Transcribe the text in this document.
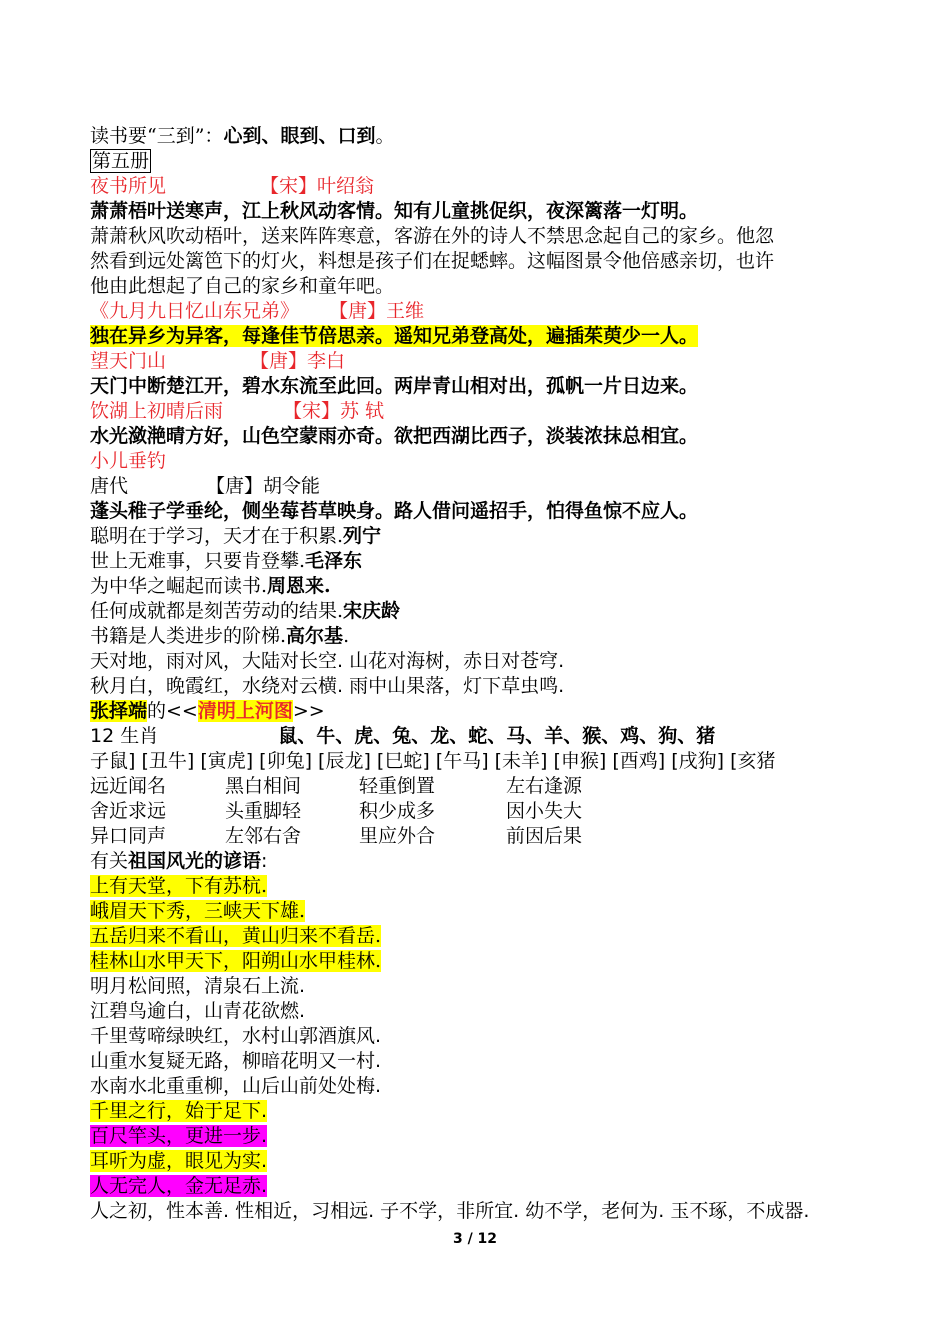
读书要“三到”：心到、眼到、口到。
第五册
夜书所见	【宋】叶绍翁
萧萧梧叶送寒声，江上秋风动客情。知有儿童挑促织，夜深篱落一灯明。
萧萧秋风吹动梧叶，送来阵阵寒意，客游在外的诗人不禁思念起自己的家乡。他忽
然看到远处篱笆下的灯火，料想是孩子们在捉蟋蟀。这幅图景令他倍感亲切，也许
他由此想起了自己的家乡和童年吧。
《九月九日忆山东兄弟》 【唐】王维
独在异乡为异客，每逢佳节倍思亲。遥知兄弟登高处，遍插茱萸少一人。
望天门山	【唐】李白
天门中断楚江开，碧水东流至此回。两岸青山相对出，孤帆一片日边来。
饮湖上初晴后雨	【宋】苏 轼
水光潋滟晴方好，山色空蒙雨亦奇。欲把西湖比西子，淡装浓抹总相宜。
小儿垂钓
唐代	【唐】胡令能
蓬头稚子学垂纶，侧坐莓苔草映身。路人借问遥招手，怕得鱼惊不应人。
聪明在于学习，天才在于积累.列宁
世上无难事，只要肯登攀.毛泽东
为中华之崛起而读书.周恩来.
任何成就都是刻苦劳动的结果.宋庆龄
书籍是人类进步的阶梯.高尔基.
天对地，雨对风，大陆对长空. 山花对海树，赤日对苍穹.
秋月白，晚霞红，水绕对云横. 雨中山果落，灯下草虫鸣.
张择端的<<清明上河图>>
12 生肖	鼠、牛、虎、兔、龙、蛇、马、羊、猴、鸡、狗、猪
子鼠] [丑牛] [寅虎] [卯兔] [辰龙] [巳蛇] [午马] [未羊] [申猴] [酉鸡] [戌狗] [亥猪
远近闻名	黑白相间	轻重倒置	左右逢源
舍近求远	头重脚轻	积少成多	因小失大
异口同声	左邻右舍	里应外合	前因后果
有关祖国风光的谚语:
上有天堂，下有苏杭.
峨眉天下秀，三峡天下雄.
五岳归来不看山，黄山归来不看岳.
桂林山水甲天下，阳朔山水甲桂林.
明月松间照，清泉石上流.
江碧鸟逾白，山青花欲燃.
千里莺啼绿映红，水村山郭酒旗风.
山重水复疑无路，柳暗花明又一村.
水南水北重重柳，山后山前处处梅.
千里之行，始于足下.
百尺竿头，更进一步.
耳听为虚，眼见为实.
人无完人，金无足赤.
人之初，性本善. 性相近，习相远. 子不学，非所宜. 幼不学，老何为. 玉不琢，不成器.
3 / 12
